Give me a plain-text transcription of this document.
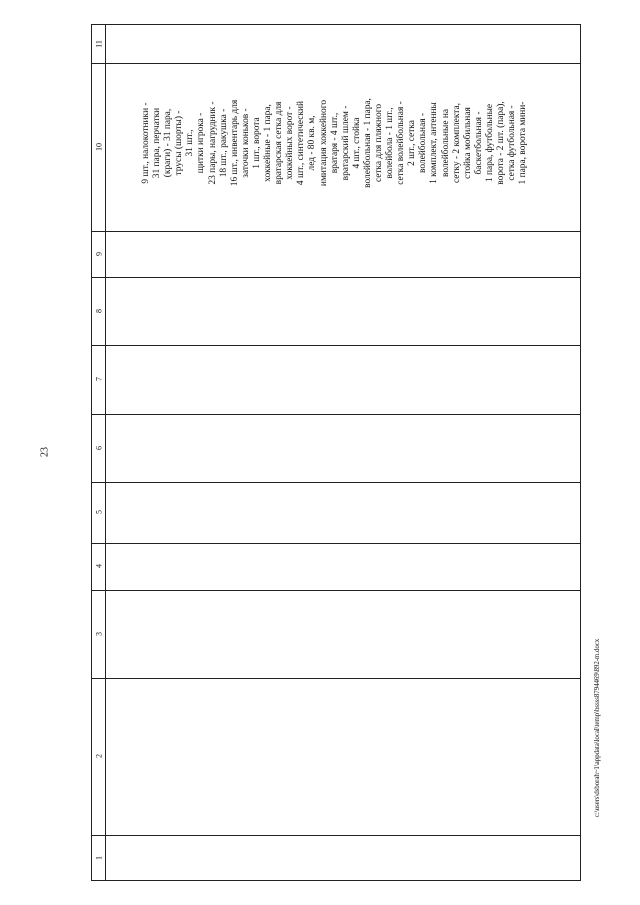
23
c:\users\dsborah~1\appdata\local\temp\bssss8794469\892-m.docx
11
10
9
8
7
6
5
4
3
2
1
9 шт., налокотники - 31 пара, перчатки (краги) - 31 пара, трусы (шорты) - 31 шт., щитки игрока - 23 пары, нагрудник - 18 шт., ракушка - 16 шт., инвентарь для заточки коньков - 1 шт., ворота хоккейные - 1 пара, вратарская сетка для хоккейных ворот - 4 шт., синтетический лед - 80 кв. м, имитация хоккейного вратаря - 4 шт., вратарский шлем - 4 шт., стойка волейбольная - 1 пара, сетка для пляжного волейбола - 1 шт., сетка волейбольная - 2 шт., сетка волейбольная - 1 комплект, антенны волейбольные на сетку - 2 комплекта, стойка мобильная баскетбольная - 1 пара, футбольные ворота - 2 шт. (пара), сетка футбольная - 1 пара, ворота мини-
